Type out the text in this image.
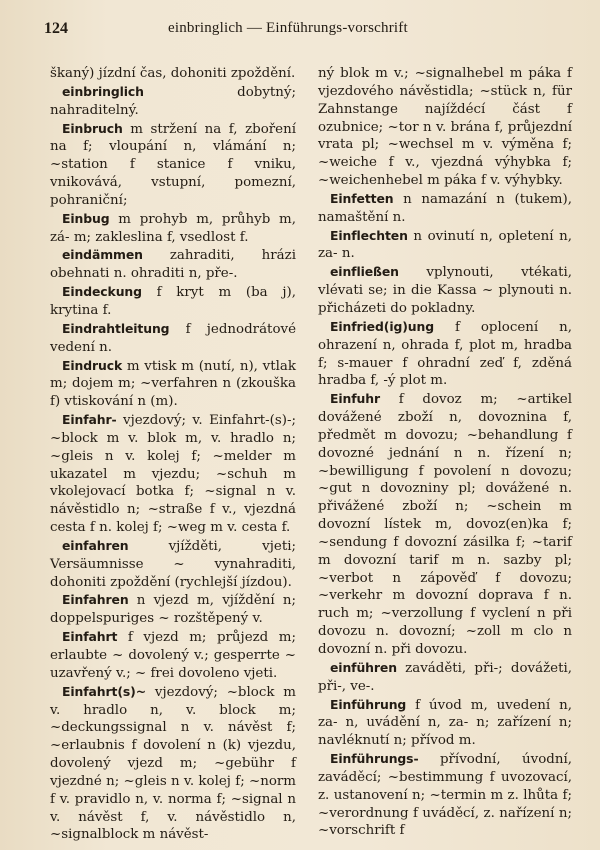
124	einbringlich — Einführungs-vorschrift

škaný) jízdní čas, dohoniti zpoždění.

einbringlich dobytný; nahraditelný.

Einbruch m stržení na f, zboření na f; vloupání n, vlámání n; ~station f stanice f vniku, vnikovává, vstupní, pomezní, pohraniční;

Einbug m prohyb m, průhyb m, zá- m; zakleslina f, vsedlost f.

eindämmen zahraditi, hrázi obehnati n. ohraditi n, pře-.

Eindeckung f kryt m (ba j), krytina f.

Eindrahtleitung f jednodrátové vedení n.

Eindruck m vtisk m (nutí, n), vtlak m; dojem m; ~verfahren n (zkouška f) vtiskování n (m).

Einfahr- vjezdový; v. Einfahrt-(s)-; ~block m v. blok m, v. hradlo n; ~gleis n v. kolej f; ~melder m ukazatel m vjezdu; ~schuh m vkolejovací botka f; ~signal n v. návěstidlo n; ~straße f v., vjezdná cesta f n. kolej f; ~weg m v. cesta f.

einfahren vjížděti, vjeti; Versäumnisse ~ vynahraditi, dohoniti zpoždění (rychlejší jízdou).

Einfahren n vjezd m, vjíždění n; doppelspuriges ~ rozštěpený v.

Einfahrt f vjezd m; průjezd m; erlaubte ~ dovolený v.; gesperrte ~ uzavřený v.; ~ frei dovoleno vjeti.

Einfahrt(s)~ vjezdový; ~block m v. hradlo n, v. block m; ~deckungssignal n v. návěst f; ~erlaubnis f dovolení n (k) vjezdu, dovolený vjezd m; ~gebühr f vjezdné n; ~gleis n v. kolej f; ~norm f v. pravidlo n, v. norma f; ~signal n v. návěst f, v. návěstidlo n, ~signalblock m návěst-

ný blok m v.; ~signalhebel m páka f vjezdového návěstidla; ~stück n, für Zahnstange najíždécí část f ozubnice; ~tor n v. brána f, průjezdní vrata pl; ~wechsel m v. výměna f; ~weiche f v., vjezdná výhybka f; ~weichenhebel m páka f v. výhybky.

Einfetten n namazání n (tukem), namaštění n.

Einflechten n ovinutí n, opletení n, za- n.

einfließen vplynouti, vtékati, vlévati se; in die Kassa ~ plynouti n. přicházeti do pokladny.

Einfried(ig)ung f oplocení n, ohrazení n, ohrada f, plot m, hradba f; s-mauer f ohradní zeď f, zděná hradba f, -ý plot m.

Einfuhr f dovoz m; ~artikel dovážené zboží n, dovoznina f, předmět m dovozu; ~behandlung f dovozné jednání n n. řízení n; ~bewilligung f povolení n dovozu; ~gut n dovozniny pl; dovážené n. přivážené zboží n; ~schein m dovozní lístek m, dovoz(en)ka f; ~sendung f dovozní zásilka f; ~tarif m dovozní tarif m n. sazby pl; ~verbot n zápověď f dovozu; ~verkehr m dovozní doprava f n. ruch m; ~verzollung f vyclení n při dovozu n. dovozní; ~zoll m clo n dovozní n. při dovozu.

einführen zaváděti, při-; dovážeti, při-, ve-.

Einführung f úvod m, uvedení n, za- n, uvádění n, za- n; zařízení n; navléknutí n; přívod m.

Einführungs- přívodní, úvodní, zaváděcí; ~bestimmung f uvozovací, z. ustanovení n; ~termin m z. lhůta f; ~verordnung f uváděcí, z. nařízení n; ~vorschrift f
